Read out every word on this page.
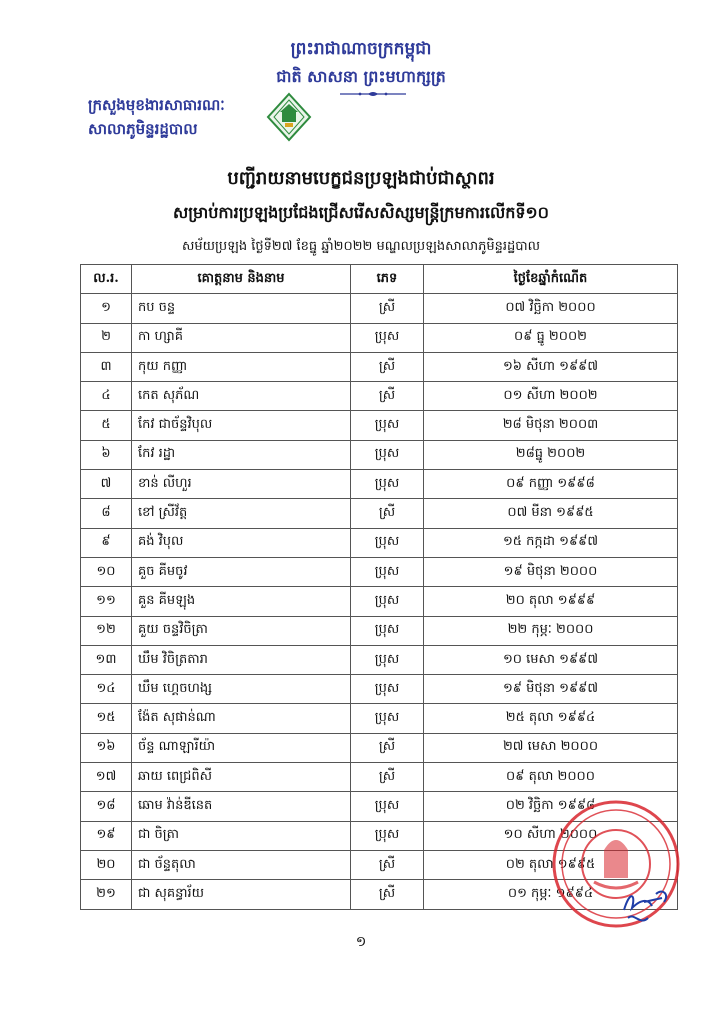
ព្រះរាជាណាចក្រកម្ពុជា
ជាតិ សាសនា ព្រះមហាក្សត្រ
ក្រសួងមុខងារសាធារណៈ
សាលាភូមិន្ទរដ្ឋបាល
បញ្ជីរាយនាមបេក្ខជនប្រឡងជាប់ជាស្ថាពរ
សម្រាប់ការប្រឡងប្រជែងជ្រើសរើសសិស្សមន្ត្រីក្រមការលើកទី១០
សម័យប្រឡង ថ្ងៃទី២៧ ខែធ្នូ ឆ្នាំ២០២២ មណ្ឌលប្រឡងសាលាភូមិន្ទរដ្ឋបាល
ល.រ.	គោត្តនាម និងនាម	ភេទ	ថ្ងៃខែឆ្នាំកំណើត
១	កប ចន្ទ	ស្រី	០៧ វិច្ឆិកា ២០០០
២	កា ហ្សាគី	ប្រុស	០៩ ធ្នូ ២០០២
៣	កុយ កញ្ញា	ស្រី	១៦ សីហា ១៩៩៧
៤	កេត សុភ័ណ	ស្រី	០១ សីហា ២០០២
៥	កែវ ជាច័ន្ទវិបុល	ប្រុស	២៨ មិថុនា ២០០៣
៦	កែវ រដ្ឋា	ប្រុស	២៨ធ្នូ ២០០២
៧	ខាន់ លីហួរ	ប្រុស	០៩ កញ្ញា ១៩៩៨
៨	ខៅ ស្រីវ័ត្ត	ស្រី	០៧ មីនា ១៩៩៥
៩	គង់ វិបុល	ប្រុស	១៥ កក្កដា ១៩៩៧
១០	គួច គីមចូវ	ប្រុស	១៩ មិថុនា ២០០០
១១	គួន គីមឡុង	ប្រុស	២០ តុលា ១៩៩៩
១២	គួយ ចន្ទវិចិត្រា	ប្រុស	២២ កុម្ភៈ ២០០០
១៣	ឃឹម វិចិត្រតារា	ប្រុស	១០ មេសា ១៩៩៧
១៤	ឃឹម ហ្គេចហង្ស	ប្រុស	១៩ មិថុនា ១៩៩៧
១៥	ង៉ែត សុផាន់ណា	ប្រុស	២៥ តុលា ១៩៩៤
១៦	ច័ន្ទ ណាឡារីយ៉ា	ស្រី	២៧ មេសា ២០០០
១៧	ឆាយ ពេជ្រពិសី	ស្រី	០៩ តុលា ២០០០
១៨	ឆោម វ៉ាន់ឌីនេត	ប្រុស	០២ វិច្ឆិកា ១៩៩៨
១៩	ជា ចិត្រា	ប្រុស	១០ សីហា ២០០០
២០	ជា ច័ន្ទតុលា	ស្រី	០២ តុលា ១៩៩៥
២១	ជា សុគន្ធារ័យ	ស្រី	០១ កុម្ភៈ ១៩៩៤
១
